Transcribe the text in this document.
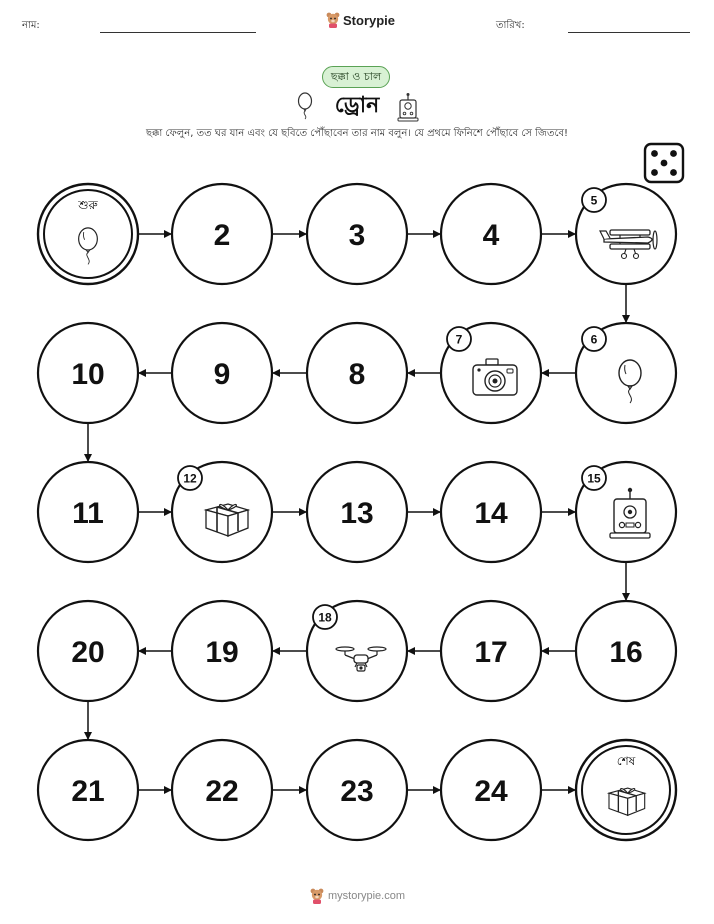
নাম:	Storypie	তারিখ:
ছক্কা ও চাল
ড্রোন
ছক্কা ফেলুন, তত ঘর যান এবং যে ছবিতে পৌঁছাবেন তার নাম বলুন। যে প্রথমে ফিনিশে পৌঁছাবে সে জিতবে!
শুরু
2	3	4
5
10	9	8
7	6
11
12
13	14
15
20	19
18
17	16
21	22	23	24
শেষ
mystorypie.com
